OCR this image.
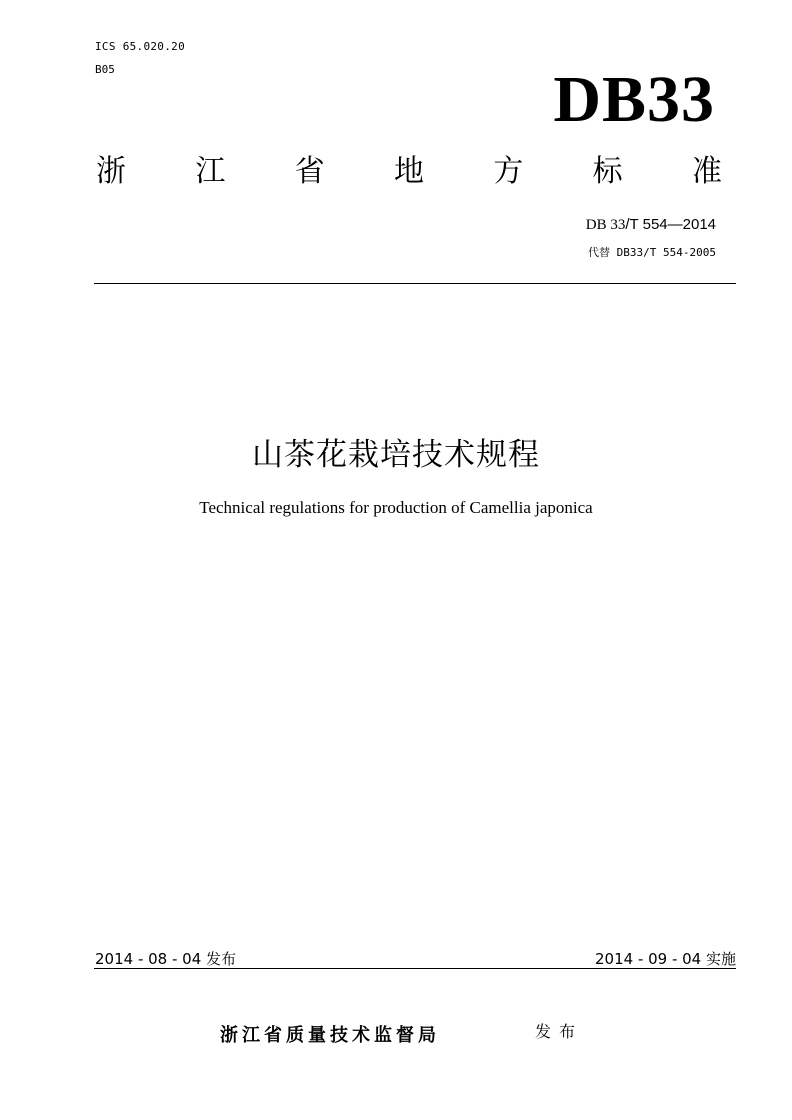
ICS 65.020.20
B05	DB33
浙 江 省 地 方 标 准
DB 33/T 554—2014
代替 DB33/T 554-2005
山茶花栽培技术规程
Technical regulations for production of Camellia japonica
2014 - 08 - 04 发布	2014 - 09 - 04 实施
浙江省质量技术监督局	发布
